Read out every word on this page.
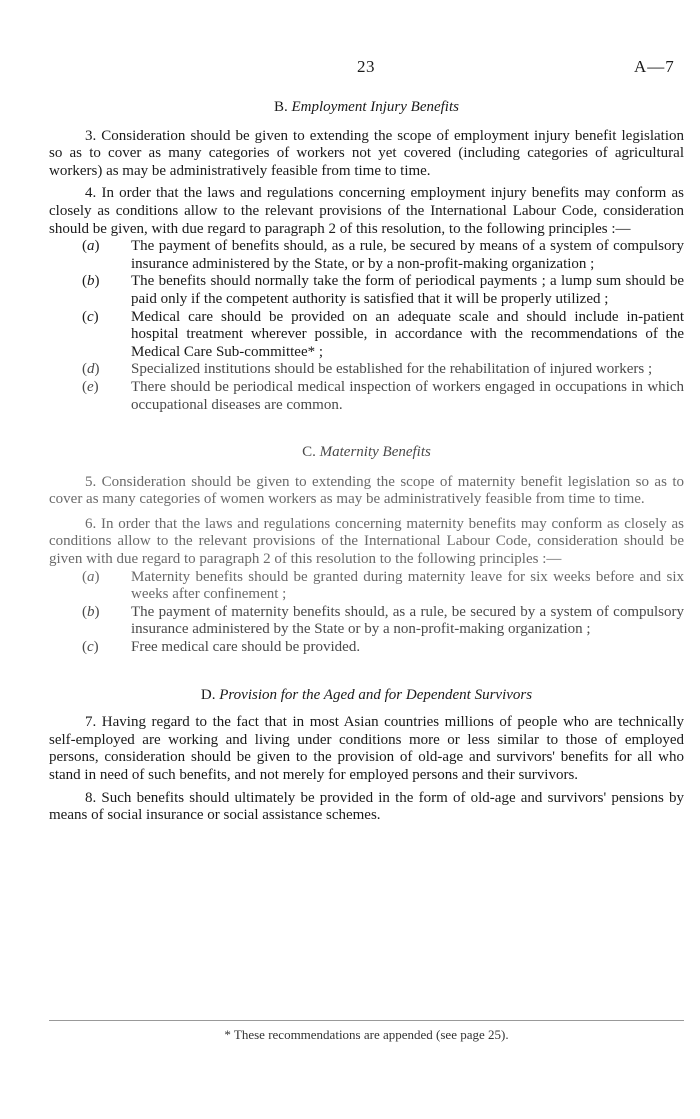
23	A—7
B. Employment Injury Benefits

3. Consideration should be given to extending the scope of employment injury benefit legislation so as to cover as many categories of workers not yet covered (including categories of agricultural workers) as may be administratively feasible from time to time.

4. In order that the laws and regulations concerning employment injury benefits may conform as closely as conditions allow to the relevant provisions of the International Labour Code, consideration should be given, with due regard to paragraph 2 of this resolution, to the following principles :—

(a)	The payment of benefits should, as a rule, be secured by means of a system of compulsory insurance administered by the State, or by a non-profit-making organization ;
(b)	The benefits should normally take the form of periodical payments ; a lump sum should be paid only if the competent authority is satisfied that it will be properly utilized ;
(c)	Medical care should be provided on an adequate scale and should include in-patient hospital treatment wherever possible, in accordance with the recommendations of the Medical Care Sub-committee* ;
(d)	Specialized institutions should be established for the rehabilitation of injured workers ;
(e)	There should be periodical medical inspection of workers engaged in occupations in which occupational diseases are common.
C. Maternity Benefits

5. Consideration should be given to extending the scope of maternity benefit legislation so as to cover as many categories of women workers as may be administratively feasible from time to time.

6. In order that the laws and regulations concerning maternity benefits may conform as closely as conditions allow to the relevant provisions of the International Labour Code, consideration should be given with due regard to paragraph 2 of this resolution to the following principles :—

(a)	Maternity benefits should be granted during maternity leave for six weeks before and six weeks after confinement ;
(b)	The payment of maternity benefits should, as a rule, be secured by a system of compulsory insurance administered by the State or by a non-profit-making organization ;
(c)	Free medical care should be provided.
D. Provision for the Aged and for Dependent Survivors

7. Having regard to the fact that in most Asian countries millions of people who are technically self-employed are working and living under conditions more or less similar to those of employed persons, consideration should be given to the provision of old-age and survivors' benefits for all who stand in need of such benefits, and not merely for employed persons and their survivors.

8. Such benefits should ultimately be provided in the form of old-age and survivors' pensions by means of social insurance or social assistance schemes.

* These recommendations are appended (see page 25).
